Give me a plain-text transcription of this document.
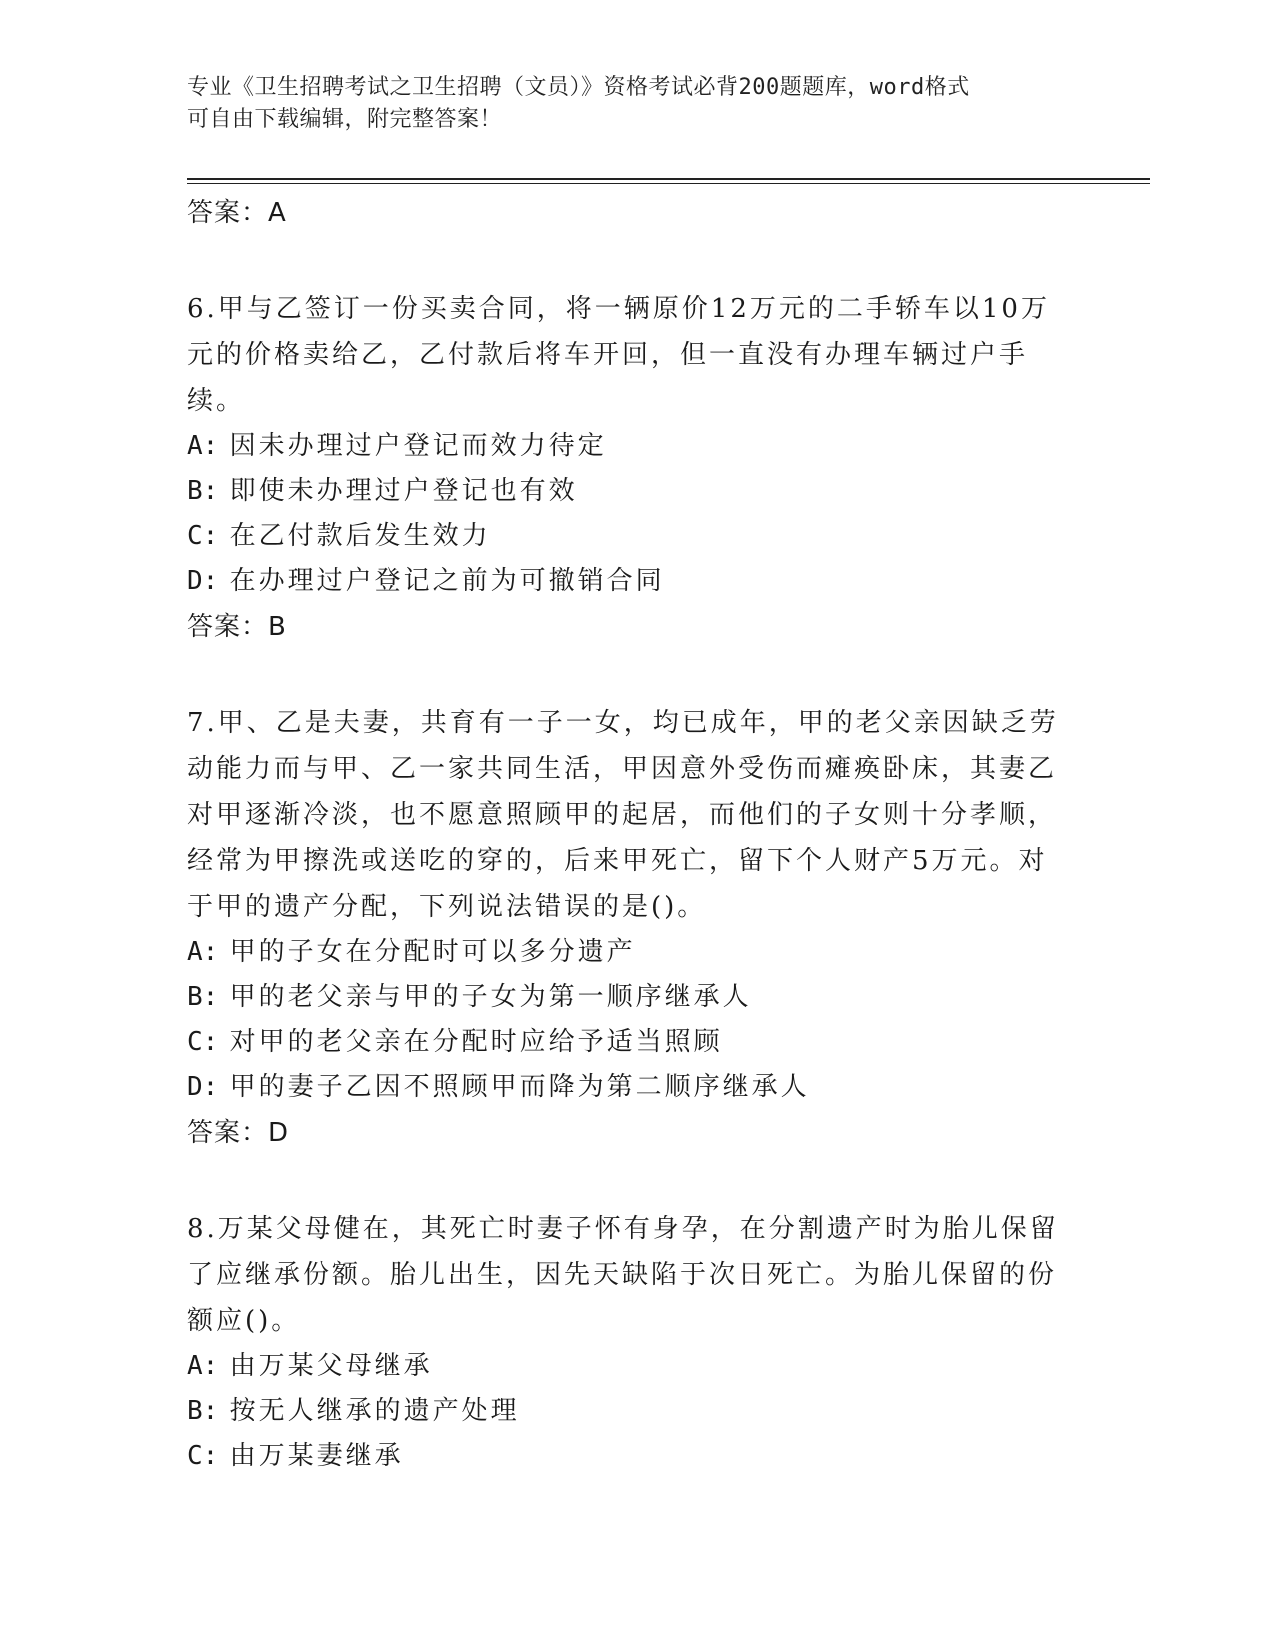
专业《卫生招聘考试之卫生招聘（文员）》资格考试必背200题题库，word格式
可自由下载编辑，附完整答案！
答案：A

6.甲与乙签订一份买卖合同，将一辆原价12万元的二手轿车以10万元的价格卖给乙，乙付款后将车开回，但一直没有办理车辆过户手续。

A: 因未办理过户登记而效力待定
B: 即使未办理过户登记也有效
C: 在乙付款后发生效力
D: 在办理过户登记之前为可撤销合同
答案：B

7.甲、乙是夫妻，共育有一子一女，均已成年，甲的老父亲因缺乏劳动能力而与甲、乙一家共同生活，甲因意外受伤而瘫痪卧床，其妻乙对甲逐渐冷淡，也不愿意照顾甲的起居，而他们的子女则十分孝顺，经常为甲擦洗或送吃的穿的，后来甲死亡，留下个人财产5万元。对于甲的遗产分配，下列说法错误的是()。

A: 甲的子女在分配时可以多分遗产
B: 甲的老父亲与甲的子女为第一顺序继承人
C: 对甲的老父亲在分配时应给予适当照顾
D: 甲的妻子乙因不照顾甲而降为第二顺序继承人
答案：D

8.万某父母健在，其死亡时妻子怀有身孕，在分割遗产时为胎儿保留了应继承份额。胎儿出生，因先天缺陷于次日死亡。为胎儿保留的份额应()。

A: 由万某父母继承
B: 按无人继承的遗产处理
C: 由万某妻继承
